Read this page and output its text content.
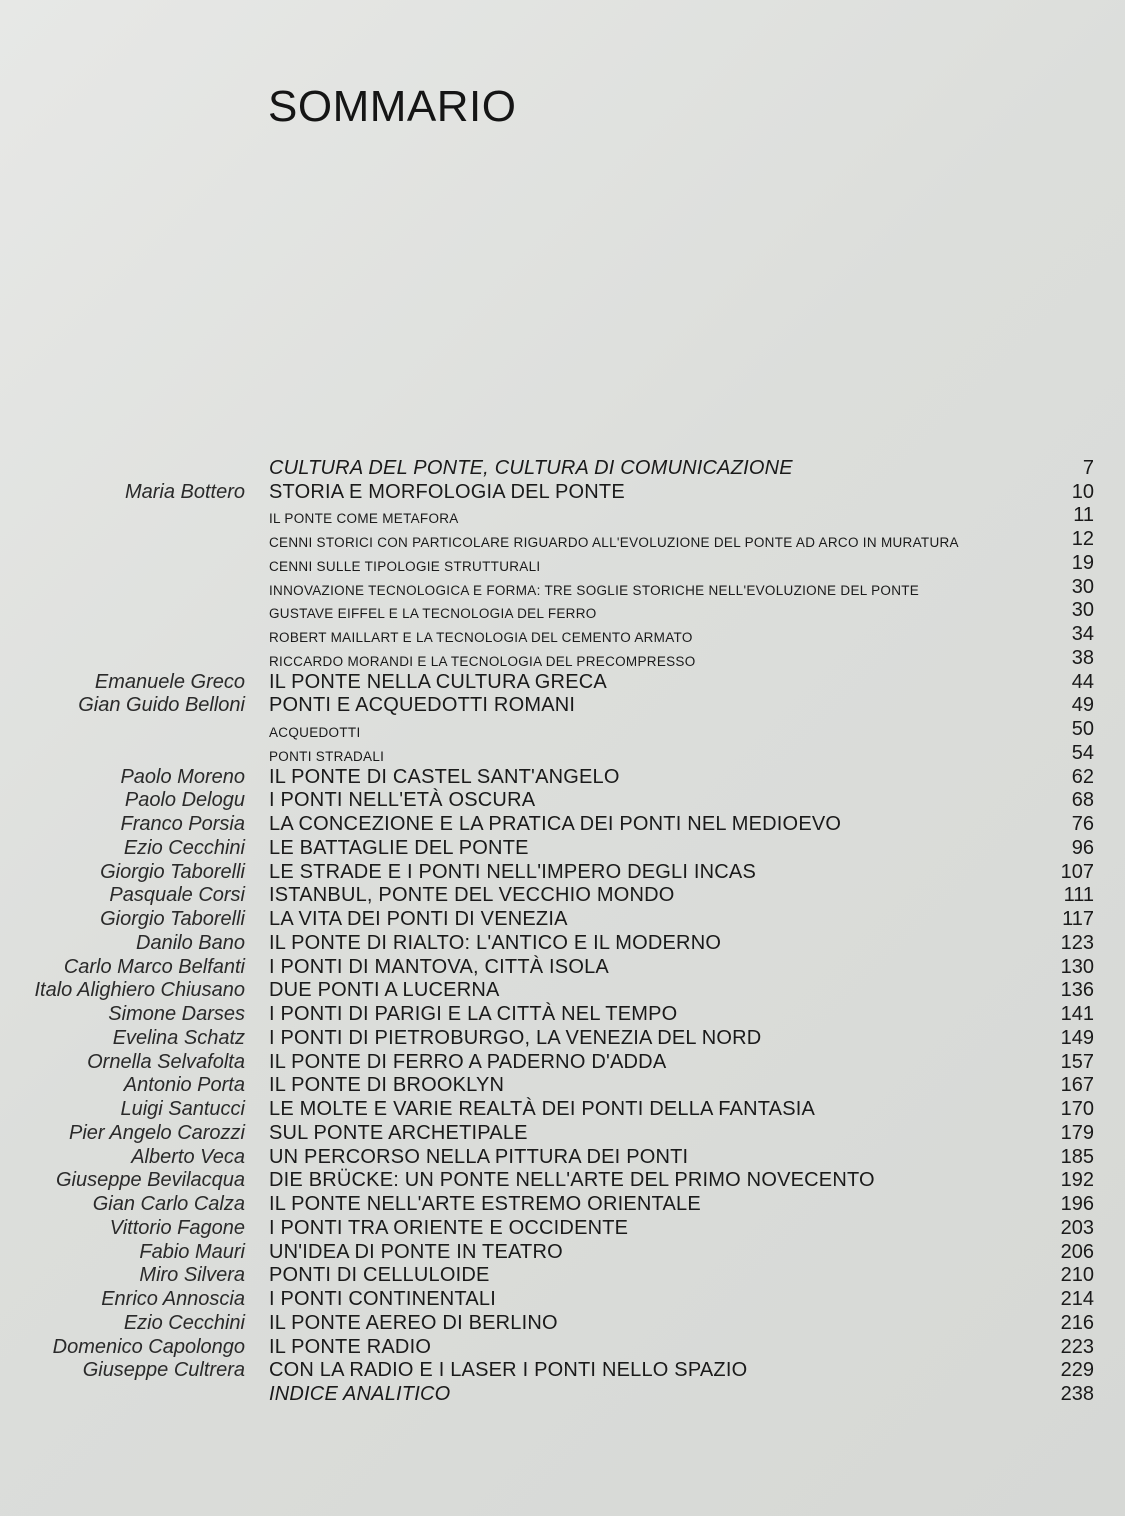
SOMMARIO
CULTURA DEL PONTE, CULTURA DI COMUNICAZIONE	7
Maria Bottero STORIA E MORFOLOGIA DEL PONTE	10
IL PONTE COME METAFORA	11
CENNI STORICI CON PARTICOLARE RIGUARDO ALL'EVOLUZIONE DEL PONTE AD ARCO IN MURATURA	12
CENNI SULLE TIPOLOGIE STRUTTURALI	19
INNOVAZIONE TECNOLOGICA E FORMA: TRE SOGLIE STORICHE NELL'EVOLUZIONE DEL PONTE	30
GUSTAVE EIFFEL E LA TECNOLOGIA DEL FERRO	30
ROBERT MAILLART E LA TECNOLOGIA DEL CEMENTO ARMATO	34
RICCARDO MORANDI E LA TECNOLOGIA DEL PRECOMPRESSO	38
Emanuele Greco IL PONTE NELLA CULTURA GRECA	44
Gian Guido Belloni PONTI E ACQUEDOTTI ROMANI	49
ACQUEDOTTI	50
PONTI STRADALI	54
Paolo Moreno IL PONTE DI CASTEL SANT'ANGELO	62
Paolo Delogu I PONTI NELL'ETÀ OSCURA	68
Franco Porsia LA CONCEZIONE E LA PRATICA DEI PONTI NEL MEDIOEVO	76
Ezio Cecchini LE BATTAGLIE DEL PONTE	96
Giorgio Taborelli LE STRADE E I PONTI NELL'IMPERO DEGLI INCAS	107
Pasquale Corsi ISTANBUL, PONTE DEL VECCHIO MONDO	111
Giorgio Taborelli LA VITA DEI PONTI DI VENEZIA	117
Danilo Bano IL PONTE DI RIALTO: L'ANTICO E IL MODERNO	123
Carlo Marco Belfanti I PONTI DI MANTOVA, CITTÀ ISOLA	130
Italo Alighiero Chiusano DUE PONTI A LUCERNA	136
Simone Darses I PONTI DI PARIGI E LA CITTÀ NEL TEMPO	141
Evelina Schatz I PONTI DI PIETROBURGO, LA VENEZIA DEL NORD	149
Ornella Selvafolta IL PONTE DI FERRO A PADERNO D'ADDA	157
Antonio Porta IL PONTE DI BROOKLYN	167
Luigi Santucci LE MOLTE E VARIE REALTÀ DEI PONTI DELLA FANTASIA	170
Pier Angelo Carozzi SUL PONTE ARCHETIPALE	179
Alberto Veca UN PERCORSO NELLA PITTURA DEI PONTI	185
Giuseppe Bevilacqua DIE BRÜCKE: UN PONTE NELL'ARTE DEL PRIMO NOVECENTO	192
Gian Carlo Calza IL PONTE NELL'ARTE ESTREMO ORIENTALE	196
Vittorio Fagone I PONTI TRA ORIENTE E OCCIDENTE	203
Fabio Mauri UN'IDEA DI PONTE IN TEATRO	206
Miro Silvera PONTI DI CELLULOIDE	210
Enrico Annoscia I PONTI CONTINENTALI	214
Ezio Cecchini IL PONTE AEREO DI BERLINO	216
Domenico Capolongo IL PONTE RADIO	223
Giuseppe Cultrera CON LA RADIO E I LASER I PONTI NELLO SPAZIO	229
INDICE ANALITICO	238
